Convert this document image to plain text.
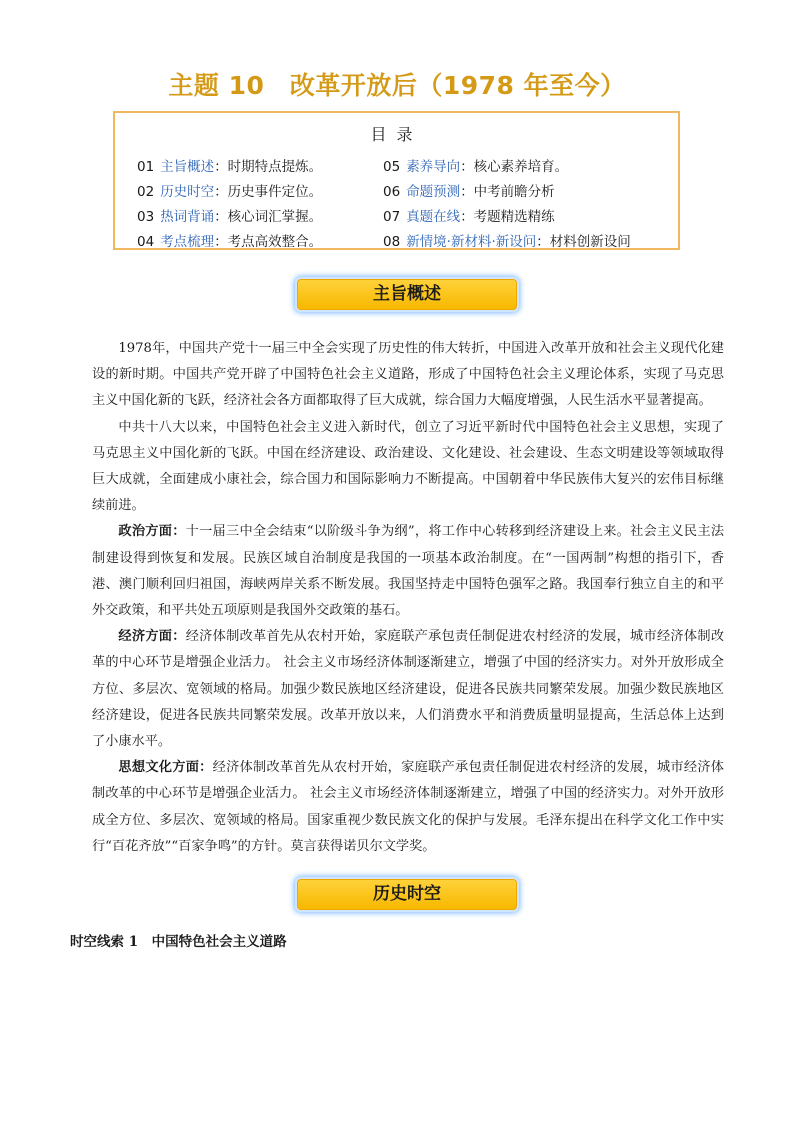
主题 10　改革开放后（1978 年至今）
目录
01 主旨概述：时期特点提炼。
02 历史时空：历史事件定位。
03 热词背诵：核心词汇掌握。
04 考点梳理：考点高效整合。
05 素养导向：核心素养培育。
06 命题预测：中考前瞻分析
07 真题在线：考题精选精练
08 新情境·新材料·新设问：材料创新设问
主旨概述

1978年，中国共产党十一届三中全会实现了历史性的伟大转折，中国进入改革开放和社会主义现代化建设的新时期。中国共产党开辟了中国特色社会主义道路，形成了中国特色社会主义理论体系，实现了马克思主义中国化新的飞跃，经济社会各方面都取得了巨大成就，综合国力大幅度增强，人民生活水平显著提高。

中共十八大以来，中国特色社会主义进入新时代，创立了习近平新时代中国特色社会主义思想，实现了马克思主义中国化新的飞跃。中国在经济建设、政治建设、文化建设、社会建设、生态文明建设等领域取得巨大成就，全面建成小康社会，综合国力和国际影响力不断提高。中国朝着中华民族伟大复兴的宏伟目标继续前进。

政治方面：十一届三中全会结束“以阶级斗争为纲”，将工作中心转移到经济建设上来。社会主义民主法制建设得到恢复和发展。民族区域自治制度是我国的一项基本政治制度。在“一国两制”构想的指引下，香港、澳门顺利回归祖国，海峡两岸关系不断发展。我国坚持走中国特色强军之路。我国奉行独立自主的和平外交政策，和平共处五项原则是我国外交政策的基石。

经济方面：经济体制改革首先从农村开始，家庭联产承包责任制促进农村经济的发展，城市经济体制改革的中心环节是增强企业活力。 社会主义市场经济体制逐渐建立，增强了中国的经济实力。对外开放形成全方位、多层次、宽领域的格局。加强少数民族地区经济建设，促进各民族共同繁荣发展。加强少数民族地区经济建设，促进各民族共同繁荣发展。改革开放以来，人们消费水平和消费质量明显提高，生活总体上达到了小康水平。

思想文化方面：经济体制改革首先从农村开始，家庭联产承包责任制促进农村经济的发展，城市经济体制改革的中心环节是增强企业活力。 社会主义市场经济体制逐渐建立，增强了中国的经济实力。对外开放形成全方位、多层次、宽领域的格局。国家重视少数民族文化的保护与发展。毛泽东提出在科学文化工作中实行“百花齐放”“百家争鸣”的方针。莫言获得诺贝尔文学奖。

历史时空
时空线索 1　中国特色社会主义道路
